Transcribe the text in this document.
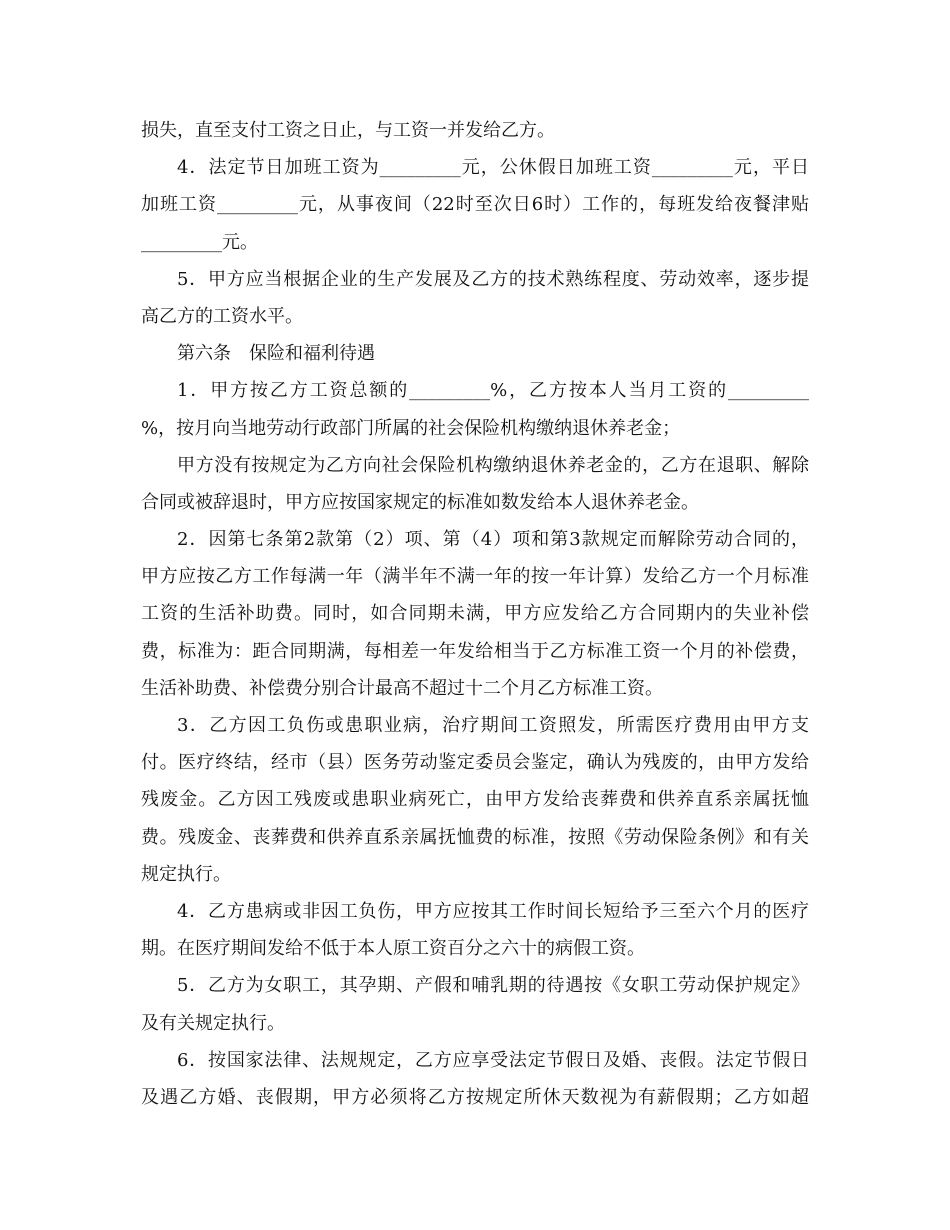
损失，直至支付工资之日止，与工资一并发给乙方。
4．法定节日加班工资为_________元，公休假日加班工资_________元，平日
加班工资_________元，从事夜间（22时至次日6时）工作的，每班发给夜餐津贴
_________元。
5．甲方应当根据企业的生产发展及乙方的技术熟练程度、劳动效率，逐步提
高乙方的工资水平。
第六条　保险和福利待遇
1．甲方按乙方工资总额的_________%，乙方按本人当月工资的_________
%，按月向当地劳动行政部门所属的社会保险机构缴纳退休养老金；
甲方没有按规定为乙方向社会保险机构缴纳退休养老金的，乙方在退职、解除
合同或被辞退时，甲方应按国家规定的标准如数发给本人退休养老金。
2．因第七条第2款第（2）项、第（4）项和第3款规定而解除劳动合同的，
甲方应按乙方工作每满一年（满半年不满一年的按一年计算）发给乙方一个月标准
工资的生活补助费。同时，如合同期未满，甲方应发给乙方合同期内的失业补偿
费，标准为：距合同期满，每相差一年发给相当于乙方标准工资一个月的补偿费，
生活补助费、补偿费分别合计最高不超过十二个月乙方标准工资。
3．乙方因工负伤或患职业病，治疗期间工资照发，所需医疗费用由甲方支
付。医疗终结，经市（县）医务劳动鉴定委员会鉴定，确认为残废的，由甲方发给
残废金。乙方因工残废或患职业病死亡，由甲方发给丧葬费和供养直系亲属抚恤
费。残废金、丧葬费和供养直系亲属抚恤费的标准，按照《劳动保险条例》和有关
规定执行。
4．乙方患病或非因工负伤，甲方应按其工作时间长短给予三至六个月的医疗
期。在医疗期间发给不低于本人原工资百分之六十的病假工资。
5．乙方为女职工，其孕期、产假和哺乳期的待遇按《女职工劳动保护规定》
及有关规定执行。
6．按国家法律、法规规定，乙方应享受法定节假日及婚、丧假。法定节假日
及遇乙方婚、丧假期，甲方必须将乙方按规定所休天数视为有薪假期；乙方如超
